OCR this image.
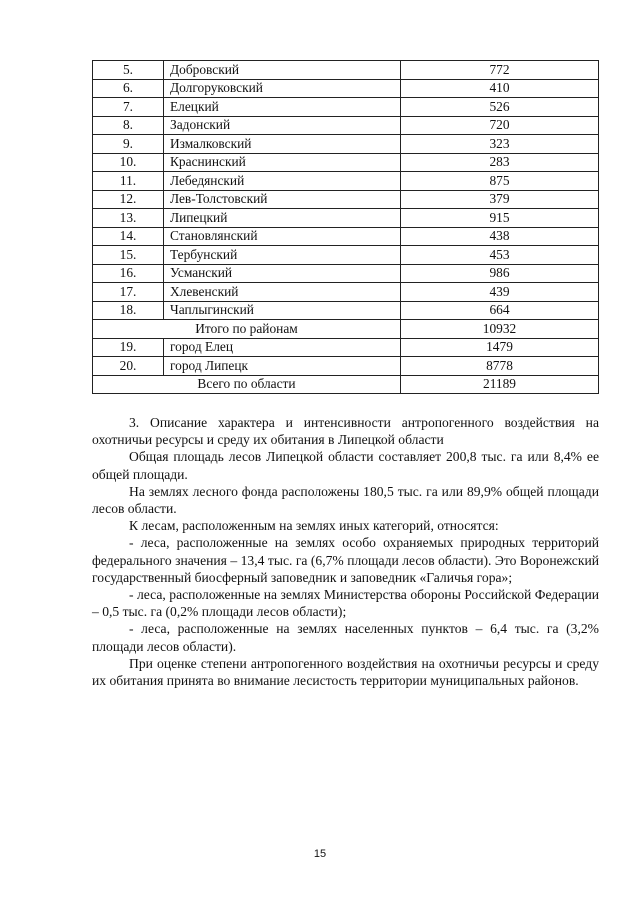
5.	Добровский	772
6.	Долгоруковский	410
7.	Елецкий	526
8.	Задонский	720
9.	Измалковский	323
10.	Краснинский	283
11.	Лебедянский	875
12.	Лев-Толстовский	379
13.	Липецкий	915
14.	Становлянский	438
15.	Тербунский	453
16.	Усманский	986
17.	Хлевенский	439
18.	Чаплыгинский	664
Итого по районам		10932
19.	город Елец	1479
20.	город Липецк	8778
Всего по области		21189

3. Описание характера и интенсивности антропогенного воздействия на охотничьи ресурсы и среду их обитания в Липецкой области

Общая площадь лесов Липецкой области составляет 200,8 тыс. га или 8,4% ее общей площади.

На землях лесного фонда расположены 180,5 тыс. га или 89,9% общей площади лесов области.

К лесам, расположенным на землях иных категорий, относятся:

- леса, расположенные на землях особо охраняемых природных территорий федерального значения – 13,4 тыс. га (6,7% площади лесов области). Это Воронежский государственный биосферный заповедник и заповедник «Галичья гора»;

- леса, расположенные на землях Министерства обороны Российской Федерации – 0,5 тыс. га (0,2% площади лесов области);

- леса, расположенные на землях населенных пунктов – 6,4 тыс. га (3,2% площади лесов области).

При оценке степени антропогенного воздействия на охотничьи ресурсы и среду их обитания принята во внимание лесистость территории муниципальных районов.

15
